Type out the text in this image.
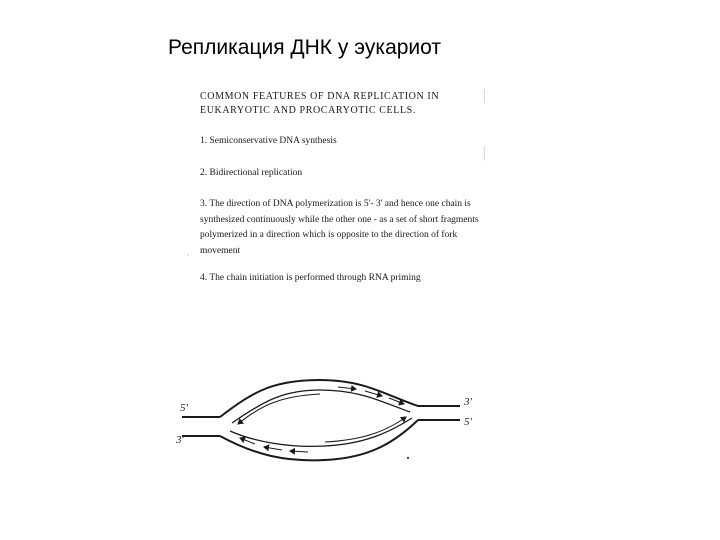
Репликация ДНК у эукариот
COMMON FEATURES OF DNA REPLICATION IN EUKARYOTIC AND PROCARYOTIC CELLS.
1. Semiconservative DNA synthesis
2. Bidirectional replication
3. The direction of DNA polymerization is 5'- 3' and hence one chain is synthesized continuously while the other one - as a set of short fragments polymerized in a direction which is opposite to the direction of fork movement
4. The chain initiation is performed through RNA priming
|
|
·
5'
3'
3'
5'
